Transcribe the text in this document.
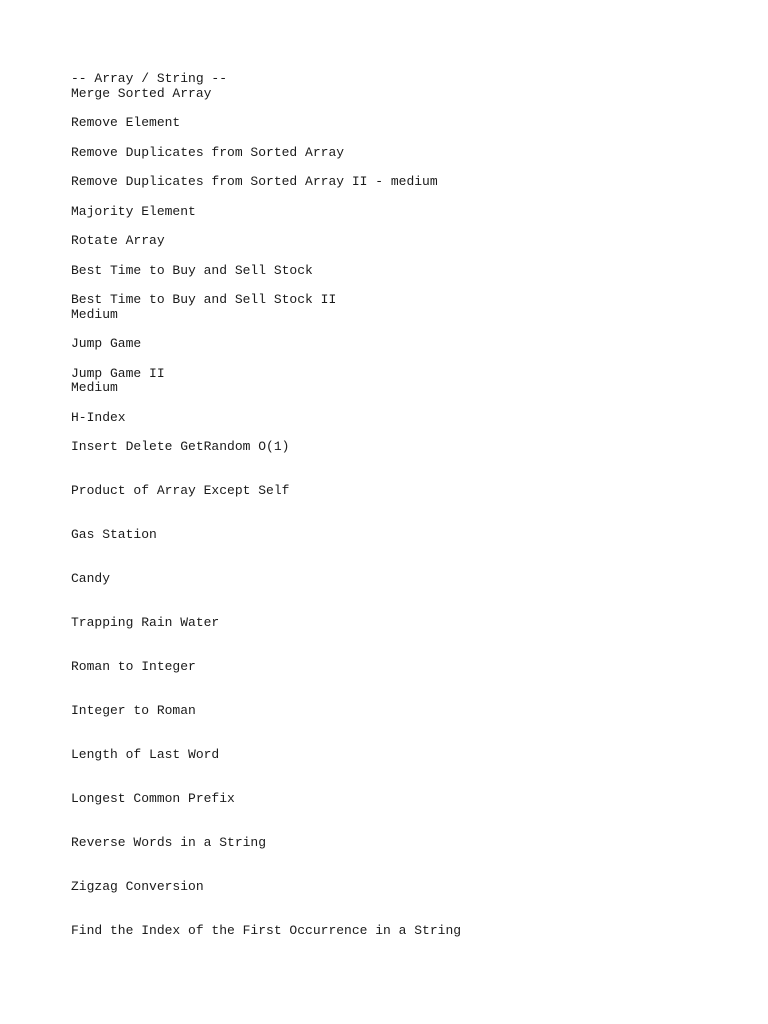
-- Array / String --
Merge Sorted Array
Remove Element
Remove Duplicates from Sorted Array
Remove Duplicates from Sorted Array II - medium
Majority Element
Rotate Array
Best Time to Buy and Sell Stock
Best Time to Buy and Sell Stock II
Medium
Jump Game
Jump Game II
Medium
H-Index
Insert Delete GetRandom O(1)
Product of Array Except Self
Gas Station
Candy
Trapping Rain Water
Roman to Integer
Integer to Roman
Length of Last Word
Longest Common Prefix
Reverse Words in a String
Zigzag Conversion
Find the Index of the First Occurrence in a String
